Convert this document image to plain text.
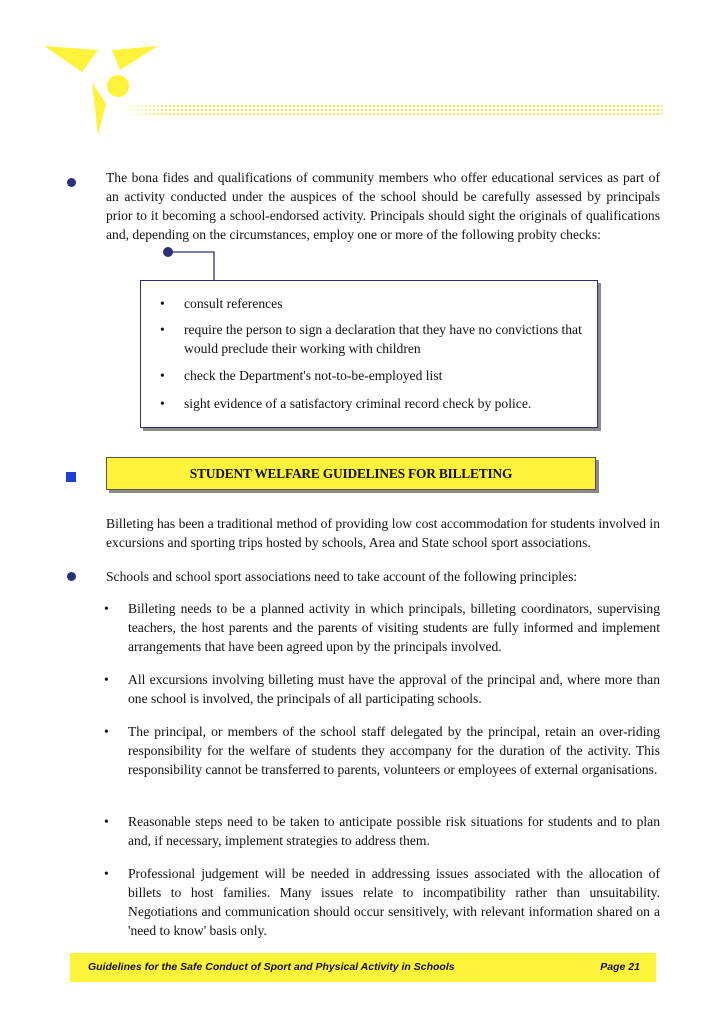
The bona fides and qualifications of community members who offer educational services as part of an activity conducted under the auspices of the school should be carefully assessed by principals prior to it becoming a school-endorsed activity. Principals should sight the originals of qualifications and, depending on the circumstances, employ one or more of the following probity checks:

• consult references

• require the person to sign a declaration that they have no convictions that would preclude their working with children

• check the Department's not-to-be-employed list

• sight evidence of a satisfactory criminal record check by police.

STUDENT WELFARE GUIDELINES FOR BILLETING

Billeting has been a traditional method of providing low cost accommodation for students involved in excursions and sporting trips hosted by schools, Area and State school sport associations.

Schools and school sport associations need to take account of the following principles:

• Billeting needs to be a planned activity in which principals, billeting coordinators, supervising teachers, the host parents and the parents of visiting students are fully informed and implement arrangements that have been agreed upon by the principals involved.

• All excursions involving billeting must have the approval of the principal and, where more than one school is involved, the principals of all participating schools.

• The principal, or members of the school staff delegated by the principal, retain an over-riding responsibility for the welfare of students they accompany for the duration of the activity. This responsibility cannot be transferred to parents, volunteers or employees of external organisations.

• Reasonable steps need to be taken to anticipate possible risk situations for students and to plan and, if necessary, implement strategies to address them.

• Professional judgement will be needed in addressing issues associated with the allocation of billets to host families. Many issues relate to incompatibility rather than unsuitability. Negotiations and communication should occur sensitively, with relevant information shared on a 'need to know' basis only.

Guidelines for the Safe Conduct of Sport and Physical Activity in Schools	Page 21
